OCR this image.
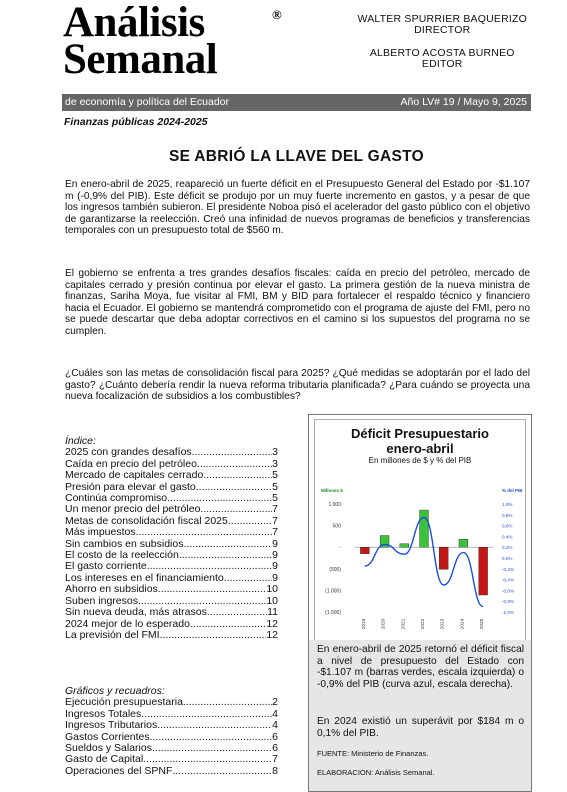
Análisis
Semanal
®	WALTER SPURRIER BAQUERIZO
DIRECTOR
ALBERTO ACOSTA BURNEO
EDITOR
de economía y política del Ecuador	Año LV# 19 / Mayo 9, 2025
Finanzas públicas 2024-2025
SE ABRIÓ LA LLAVE DEL GASTO
En enero-abril de 2025, reapareció un fuerte déficit en el Presupuesto General del Estado por -$1.107 m (-0,9% del PIB). Este déficit se produjo por un muy fuerte incremento en gastos, y a pesar de que los ingresos también subieron. El presidente Noboa pisó el acelerador del gasto público con el objetivo de garantizarse la reelección. Creó una infinidad de nuevos programas de beneficios y transferencias temporales con un presupuesto total de $560 m.
El gobierno se enfrenta a tres grandes desafíos fiscales: caída en precio del petróleo, mercado de capitales cerrado y presión continua por elevar el gasto. La primera gestión de la nueva ministra de finanzas, Sariha Moya, fue visitar al FMI, BM y BID para fortalecer el respaldo técnico y financiero hacia el Ecuador. El gobierno se mantendrá comprometido con el programa de ajuste del FMI, pero no se puede descartar que deba adoptar correctivos en el camino si los supuestos del programa no se cumplen.
¿Cuáles son las metas de consolidación fiscal para 2025? ¿Qué medidas se adoptarán por el lado del gasto? ¿Cuánto debería rendir la nueva reforma tributaria planificada? ¿Para cuándo se proyecta una nueva focalización de subsidios a los combustibles?
Índice:
2025 con grandes desafíos. .....	3
Caída en precio del petróleo .....	3
Mercado de capitales cerrado .....	5
Presión para elevar el gasto .....	5
Continúa compromiso. .....	5
Un menor precio del petróleo .....	7
Metas de consolidación fiscal 2025 .....	7
Más impuestos .....	7
Sin cambios en subsidios .....	9
El costo de la reelección .....	9
El gasto corriente .....	9
Los intereses en el financiamiento .....	9
Ahorro en subsidios. .....	10
Suben ingresos. .....	10
Sin nueva deuda, más atrasos. .....	11
2024 mejor de lo esperado. .....	12
La previsión del FMI .....	12
Gráficos y recuadros:
Ejecución presupuestaria .....	2
Ingresos Totales .....	4
Ingresos Tributarios .....	4
Gastos Corrientes .....	6
Sueldos y Salarios .....	6
Gasto de Capital .....	7
Operaciones del SPNF .....	8
Déficit Presupuestario
enero-abril
En millones de $ y % del PIB
Millones $	% del PIB
1.000
500
-
(500)
(1.000)
(1.500)
1,0%
0,8%
0,6%
0,4%
0,2%
0,0%
-0,2%
-0,4%
-0,6%
-0,8%
-1,0%
2019	2020	2021	2022	2023	2024	2025
En enero-abril de 2025 retornó el déficit fiscal a nivel de presupuesto del Estado con -$1.107 m (barras verdes, escala izquierda) o -0,9% del PIB (curva azul, escala derecha).
En 2024 existió un superávit por $184 m o 0,1% del PIB.
FUENTE: Ministerio de Finanzas.
ELABORACION: Análisis Semanal.
